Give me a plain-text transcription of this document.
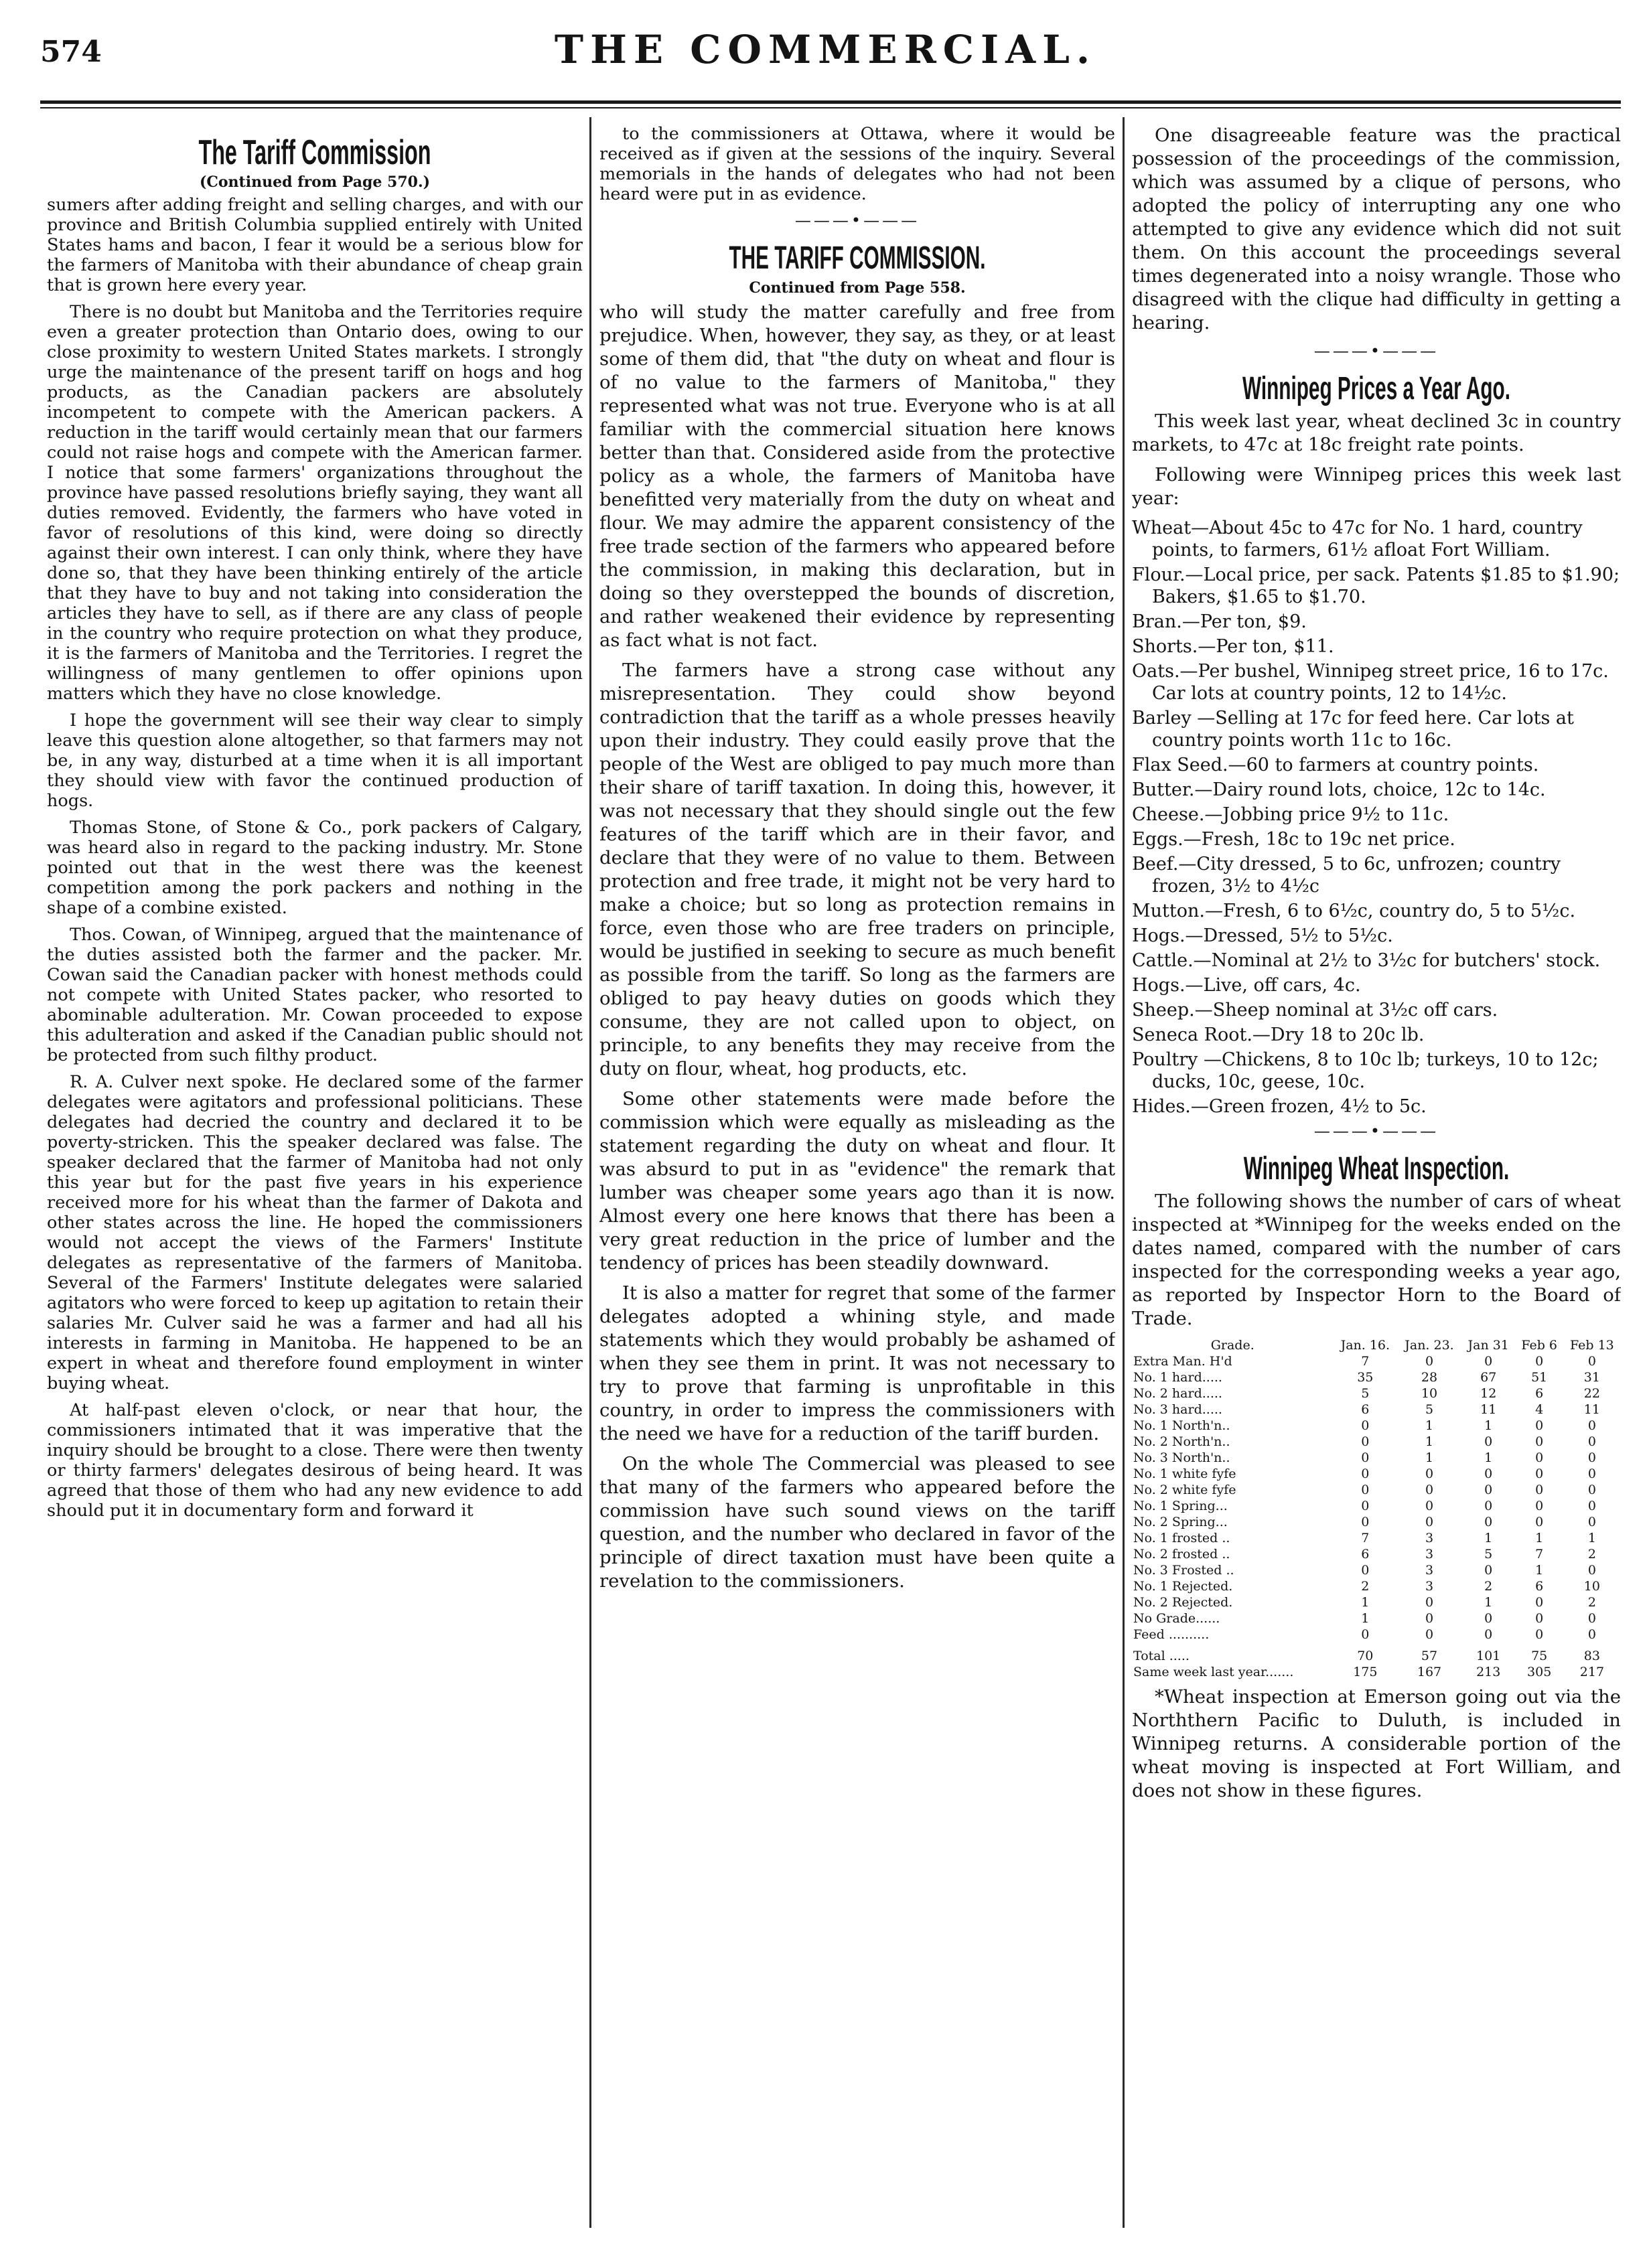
574	THE COMMERCIAL.
The Tariff Commission
(Continued from Page 570.)

sumers after adding freight and selling charges, and with our province and British Columbia supplied entirely with United States hams and bacon, I fear it would be a serious blow for the farmers of Manitoba with their abundance of cheap grain that is grown here every year.

There is no doubt but Manitoba and the Territories require even a greater protection than Ontario does, owing to our close proximity to western United States markets. I strongly urge the maintenance of the present tariff on hogs and hog products, as the Canadian packers are absolutely incompetent to compete with the American packers. A reduction in the tariff would certainly mean that our farmers could not raise hogs and compete with the American farmer. I notice that some farmers' organizations throughout the province have passed resolutions briefly saying, they want all duties removed. Evidently, the farmers who have voted in favor of resolutions of this kind, were doing so directly against their own interest. I can only think, where they have done so, that they have been thinking entirely of the article that they have to buy and not taking into consideration the articles they have to sell, as if there are any class of people in the country who require protection on what they produce, it is the farmers of Manitoba and the Territories. I regret the willingness of many gentlemen to offer opinions upon matters which they have no close knowledge.

I hope the government will see their way clear to simply leave this question alone altogether, so that farmers may not be, in any way, disturbed at a time when it is all important they should view with favor the continued production of hogs.

Thomas Stone, of Stone & Co., pork packers of Calgary, was heard also in regard to the packing industry. Mr. Stone pointed out that in the west there was the keenest competition among the pork packers and nothing in the shape of a combine existed.

Thos. Cowan, of Winnipeg, argued that the maintenance of the duties assisted both the farmer and the packer. Mr. Cowan said the Canadian packer with honest methods could not compete with United States packer, who resorted to abominable adulteration. Mr. Cowan proceeded to expose this adulteration and asked if the Canadian public should not be protected from such filthy product.

R. A. Culver next spoke. He declared some of the farmer delegates were agitators and professional politicians. These delegates had decried the country and declared it to be poverty-stricken. This the speaker declared was false. The speaker declared that the farmer of Manitoba had not only this year but for the past five years in his experience received more for his wheat than the farmer of Dakota and other states across the line. He hoped the commissioners would not accept the views of the Farmers' Institute delegates as representative of the farmers of Manitoba. Several of the Farmers' Institute delegates were salaried agitators who were forced to keep up agitation to retain their salaries Mr. Culver said he was a farmer and had all his interests in farming in Manitoba. He happened to be an expert in wheat and therefore found employment in winter buying wheat.

At half-past eleven o'clock, or near that hour, the commissioners intimated that it was imperative that the inquiry should be brought to a close. There were then twenty or thirty farmers' delegates desirous of being heard. It was agreed that those of them who had any new evidence to add should put it in documentary form and forward it

to the commissioners at Ottawa, where it would be received as if given at the sessions of the inquiry. Several memorials in the hands of delegates who had not been heard were put in as evidence.

———•———
THE TARIFF COMMISSION.
Continued from Page 558.

who will study the matter carefully and free from prejudice. When, however, they say, as they, or at least some of them did, that "the duty on wheat and flour is of no value to the farmers of Manitoba," they represented what was not true. Everyone who is at all familiar with the commercial situation here knows better than that. Considered aside from the protective policy as a whole, the farmers of Manitoba have benefitted very materially from the duty on wheat and flour. We may admire the apparent consistency of the free trade section of the farmers who appeared before the commission, in making this declaration, but in doing so they overstepped the bounds of discretion, and rather weakened their evidence by representing as fact what is not fact.

The farmers have a strong case without any misrepresentation. They could show beyond contradiction that the tariff as a whole presses heavily upon their industry. They could easily prove that the people of the West are obliged to pay much more than their share of tariff taxation. In doing this, however, it was not necessary that they should single out the few features of the tariff which are in their favor, and declare that they were of no value to them. Between protection and free trade, it might not be very hard to make a choice; but so long as protection remains in force, even those who are free traders on principle, would be justified in seeking to secure as much benefit as possible from the tariff. So long as the farmers are obliged to pay heavy duties on goods which they consume, they are not called upon to object, on principle, to any benefits they may receive from the duty on flour, wheat, hog products, etc.

Some other statements were made before the commission which were equally as misleading as the statement regarding the duty on wheat and flour. It was absurd to put in as "evidence" the remark that lumber was cheaper some years ago than it is now. Almost every one here knows that there has been a very great reduction in the price of lumber and the tendency of prices has been steadily downward.

It is also a matter for regret that some of the farmer delegates adopted a whining style, and made statements which they would probably be ashamed of when they see them in print. It was not necessary to try to prove that farming is unprofitable in this country, in order to impress the commissioners with the need we have for a reduction of the tariff burden.

On the whole The Commercial was pleased to see that many of the farmers who appeared before the commission have such sound views on the tariff question, and the number who declared in favor of the principle of direct taxation must have been quite a revelation to the commissioners.

One disagreeable feature was the practical possession of the proceedings of the commission, which was assumed by a clique of persons, who adopted the policy of interrupting any one who attempted to give any evidence which did not suit them. On this account the proceedings several times degenerated into a noisy wrangle. Those who disagreed with the clique had difficulty in getting a hearing.

———•———
Winnipeg Prices a Year Ago.

This week last year, wheat declined 3c in country markets, to 47c at 18c freight rate points.

Following were Winnipeg prices this week last year:

Wheat—About 45c to 47c for No. 1 hard, country points, to farmers, 61½ afloat Fort William.

Flour.—Local price, per sack. Patents $1.85 to $1.90; Bakers, $1.65 to $1.70.

Bran.—Per ton, $9.

Shorts.—Per ton, $11.

Oats.—Per bushel, Winnipeg street price, 16 to 17c. Car lots at country points, 12 to 14½c.

Barley —Selling at 17c for feed here. Car lots at country points worth 11c to 16c.

Flax Seed.—60 to farmers at country points.

Butter.—Dairy round lots, choice, 12c to 14c.

Cheese.—Jobbing price 9½ to 11c.

Eggs.—Fresh, 18c to 19c net price.

Beef.—City dressed, 5 to 6c, unfrozen; country frozen, 3½ to 4½c

Mutton.—Fresh, 6 to 6½c, country do, 5 to 5½c.

Hogs.—Dressed, 5½ to 5½c.

Cattle.—Nominal at 2½ to 3½c for butchers' stock.

Hogs.—Live, off cars, 4c.

Sheep.—Sheep nominal at 3½c off cars.

Seneca Root.—Dry 18 to 20c lb.

Poultry —Chickens, 8 to 10c lb; turkeys, 10 to 12c; ducks, 10c, geese, 10c.

Hides.—Green frozen, 4½ to 5c.

———•———
Winnipeg Wheat Inspection.

The following shows the number of cars of wheat inspected at *Winnipeg for the weeks ended on the dates named, compared with the number of cars inspected for the corresponding weeks a year ago, as reported by Inspector Horn to the Board of Trade.

Grade.	Jan. 16.	Jan. 23.	Jan 31	Feb 6	Feb 13
Extra Man. H'd	7	0	0	0	0
No. 1 hard.....	35	28	67	51	31
No. 2 hard.....	5	10	12	6	22
No. 3 hard.....	6	5	11	4	11
No. 1 North'n..	0	1	1	0	0
No. 2 North'n..	0	1	0	0	0
No. 3 North'n..	0	1	1	0	0
No. 1 white fyfe	0	0	0	0	0
No. 2 white fyfe	0	0	0	0	0
No. 1 Spring...	0	0	0	0	0
No. 2 Spring...	0	0	0	0	0
No. 1 frosted ..	7	3	1	1	1
No. 2 frosted ..	6	3	5	7	2
No. 3 Frosted ..	0	3	0	1	0
No. 1 Rejected.	2	3	2	6	10
No. 2 Rejected.	1	0	1	0	2
No Grade......	1	0	0	0	0
Feed ..........	0	0	0	0	0
Total .....	70	57	101	75	83
Same week last year.......	175	167	213	305	217

*Wheat inspection at Emerson going out via the Norththern Pacific to Duluth, is included in Winnipeg returns. A considerable portion of the wheat moving is inspected at Fort William, and does not show in these figures.
